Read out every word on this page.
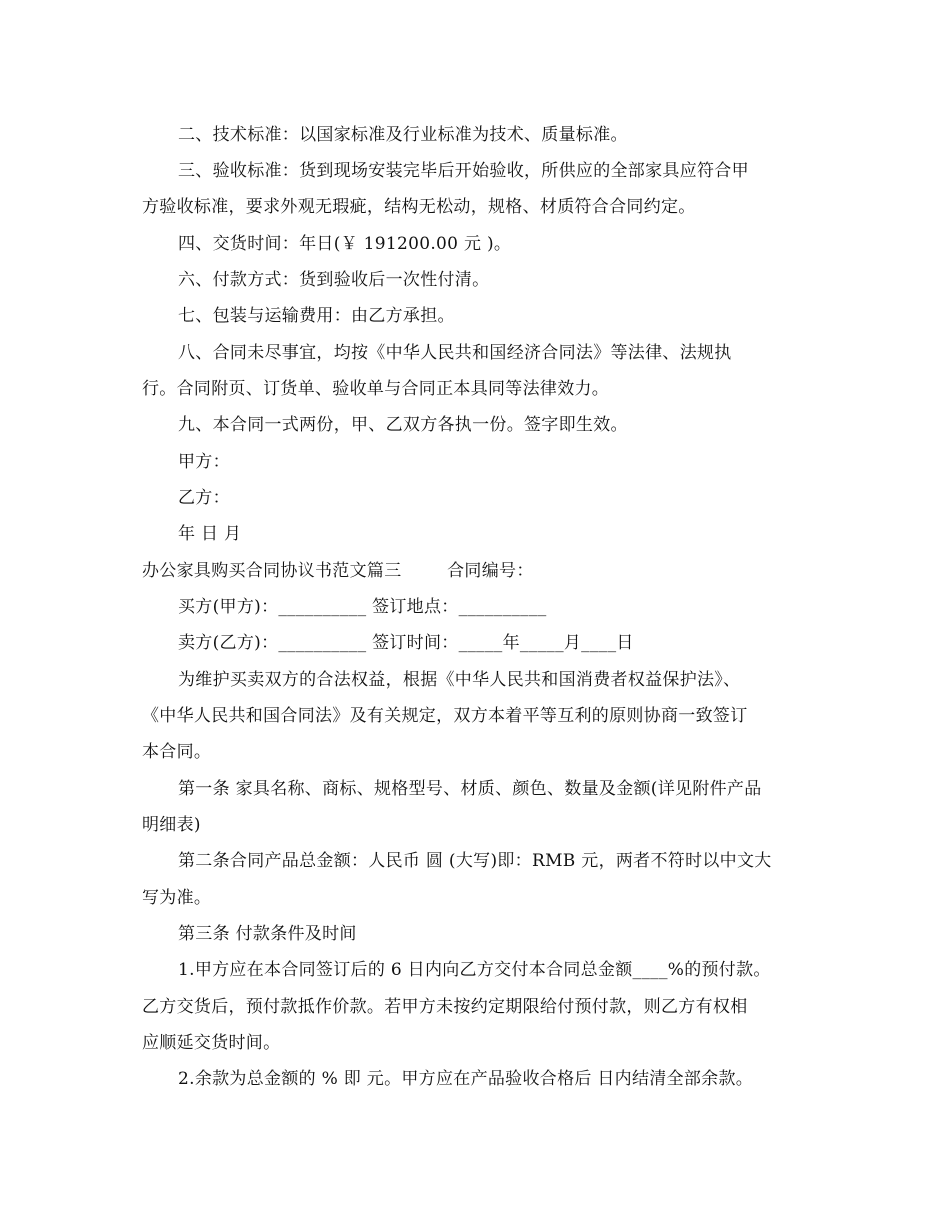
二、技术标准：以国家标准及行业标准为技术、质量标准。
三、验收标准：货到现场安装完毕后开始验收，所供应的全部家具应符合甲
方验收标准，要求外观无瑕疵，结构无松动，规格、材质符合合同约定。
四、交货时间：年日(￥ 191200.00 元 )。
六、付款方式：货到验收后一次性付清。
七、包装与运输费用：由乙方承担。
八、合同未尽事宜，均按《中华人民共和国经济合同法》等法律、法规执
行。合同附页、订货单、验收单与合同正本具同等法律效力。
九、本合同一式两份，甲、乙双方各执一份。签字即生效。
甲方：
乙方：
年 日 月
办公家具购买合同协议书范文篇三        合同编号：
买方(甲方)：__________ 签订地点：__________
卖方(乙方)：__________ 签订时间：_____年_____月____日
为维护买卖双方的合法权益，根据《中华人民共和国消费者权益保护法》、
《中华人民共和国合同法》及有关规定，双方本着平等互利的原则协商一致签订
本合同。
第一条 家具名称、商标、规格型号、材质、颜色、数量及金额(详见附件产品
明细表)
第二条合同产品总金额：人民币 圆 (大写)即：RMB 元，两者不符时以中文大
写为准。
第三条 付款条件及时间
1.甲方应在本合同签订后的 6 日内向乙方交付本合同总金额____%的预付款。
乙方交货后，预付款抵作价款。若甲方未按约定期限给付预付款，则乙方有权相
应顺延交货时间。
2.余款为总金额的 % 即 元。甲方应在产品验收合格后 日内结清全部余款。
